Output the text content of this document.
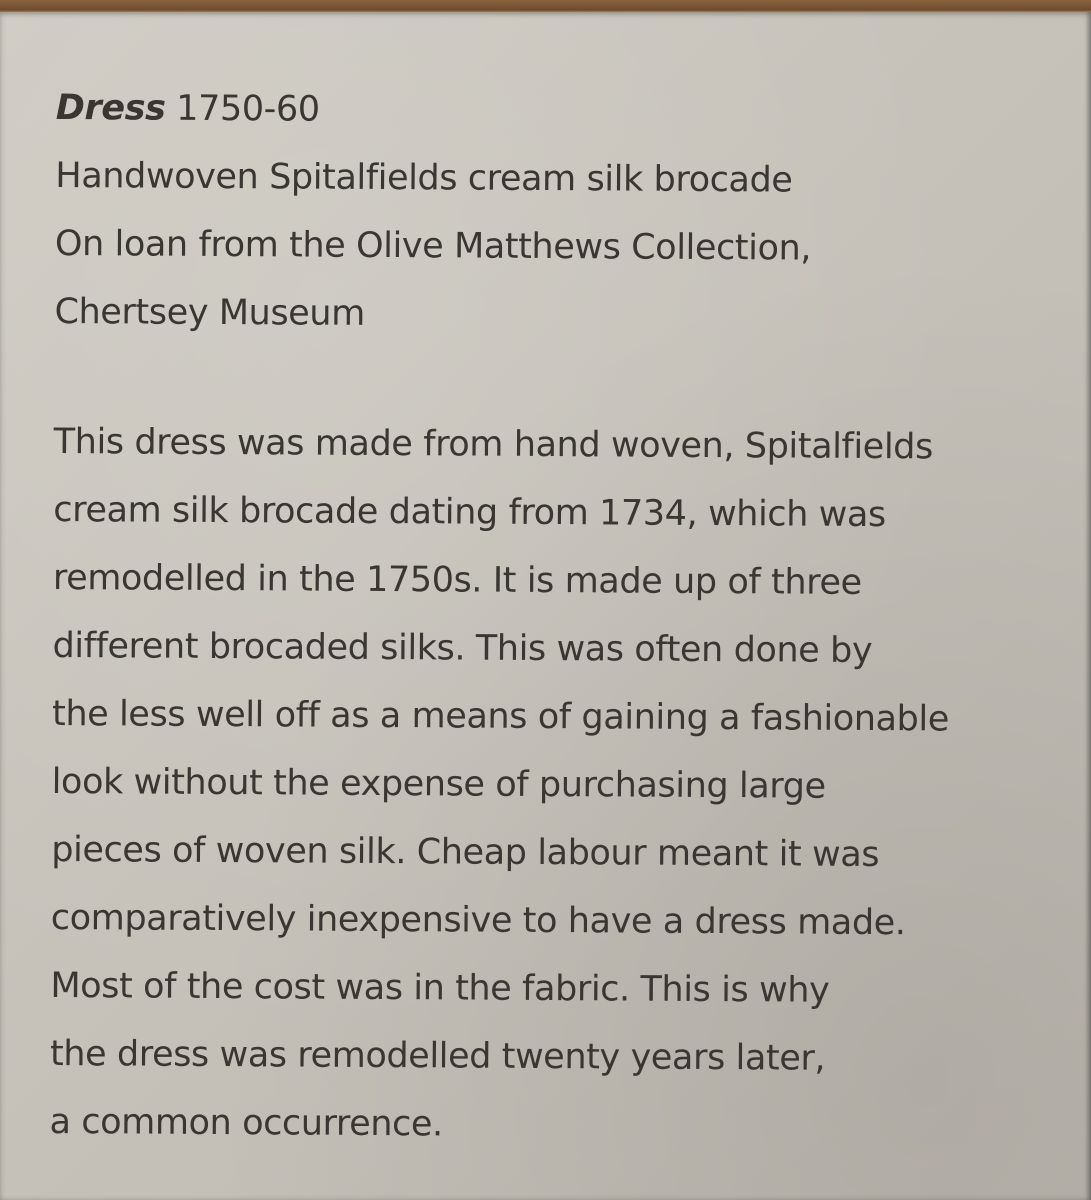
Dress 1750-60
Handwoven Spitalfields cream silk brocade
On loan from the Olive Matthews Collection,
Chertsey Museum
This dress was made from hand woven, Spitalfields
cream silk brocade dating from 1734, which was
remodelled in the 1750s. It is made up of three
different brocaded silks. This was often done by
the less well off as a means of gaining a fashionable
look without the expense of purchasing large
pieces of woven silk. Cheap labour meant it was
comparatively inexpensive to have a dress made.
Most of the cost was in the fabric. This is why
the dress was remodelled twenty years later,
a common occurrence.
